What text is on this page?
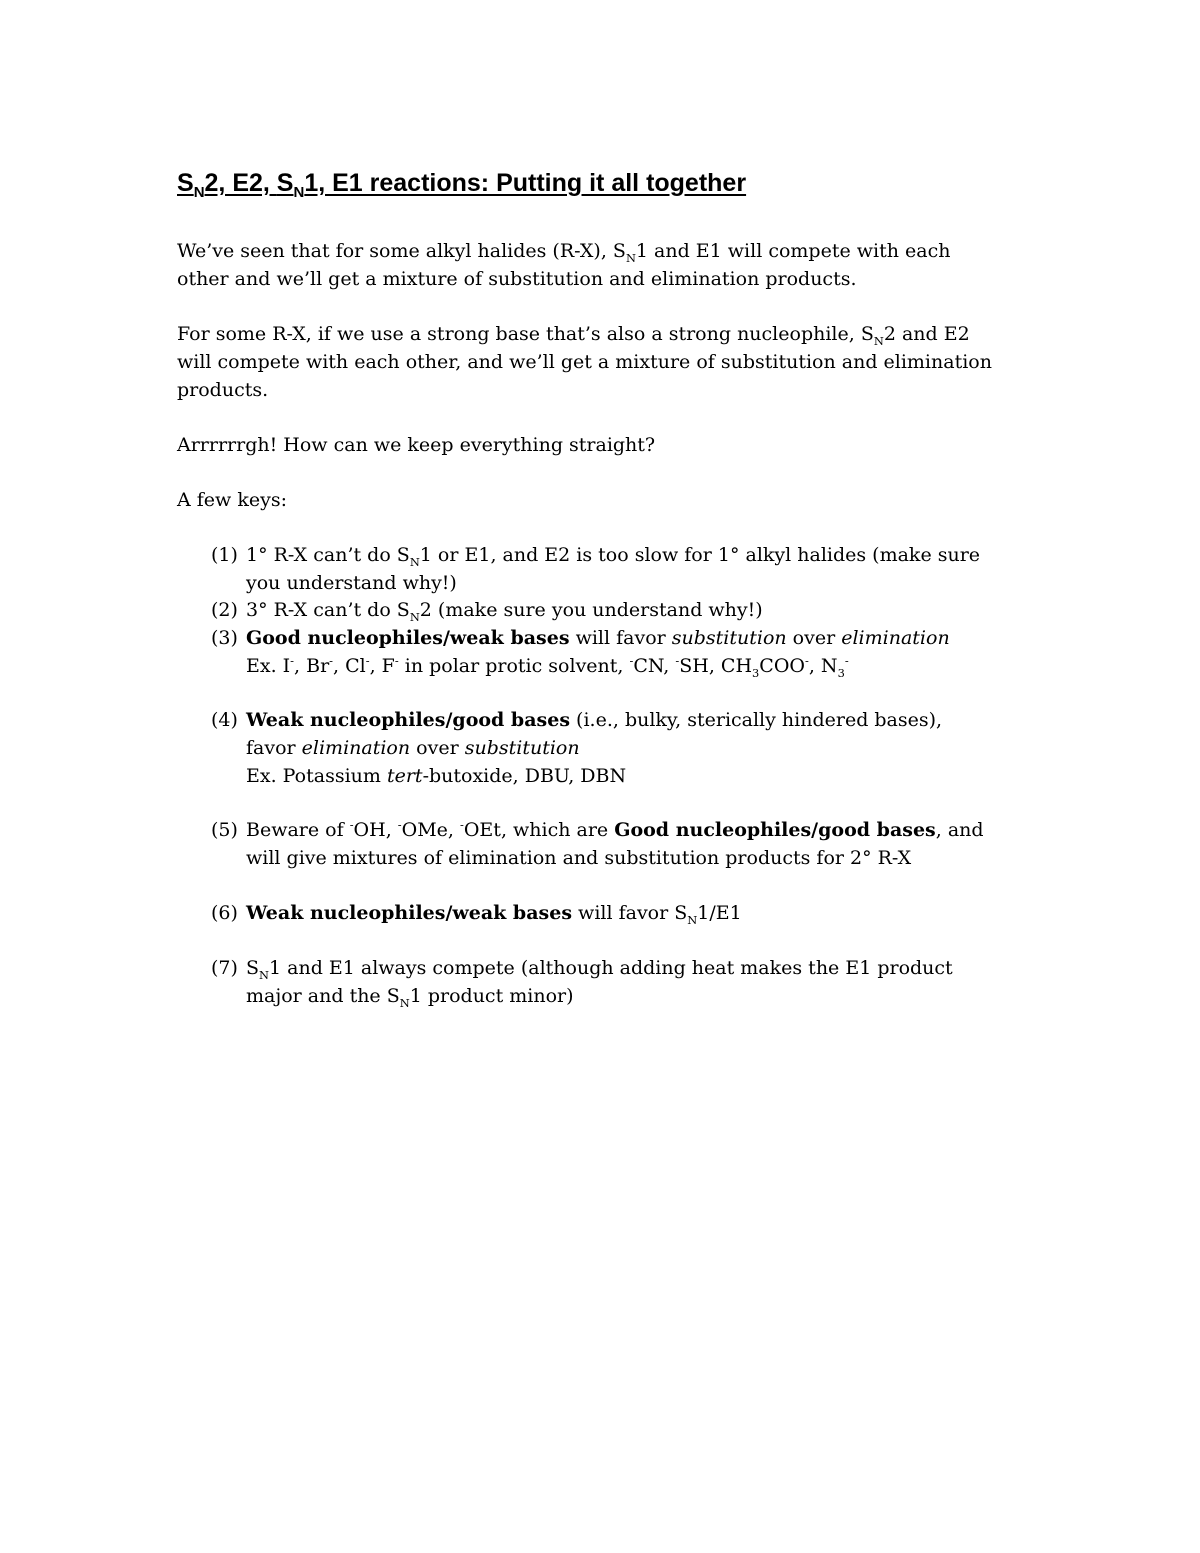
$S_N2$, E2, $S_N1$, E1 reactions: Putting it all together

We’ve seen that for some alkyl halides (R-X), $S_N1$ and E1 will compete with each
other and we’ll get a mixture of substitution and elimination products.

For some R-X, if we use a strong base that’s also a strong nucleophile, $S_N2$ and E2
will compete with each other, and we’ll get a mixture of substitution and elimination
products.

Arrrrrrgh! How can we keep everything straight?

A few keys:

(1) 1° R-X can’t do $S_N1$ or E1, and E2 is too slow for 1° alkyl halides (make sure
you understand why!)

(2) 3° R-X can’t do $S_N2$ (make sure you understand why!)

(3) Good nucleophiles/weak bases will favor substitution over elimination
Ex. I-, Br-, Cl-, F- in polar protic solvent, -CN, -SH, $CH_3COO^-$, $N_3^-$

(4) Weak nucleophiles/good bases (i.e., bulky, sterically hindered bases),
favor elimination over substitution
Ex. Potassium tert-butoxide, DBU, DBN

(5) Beware of -OH, -OMe, -OEt, which are Good nucleophiles/good bases, and
will give mixtures of elimination and substitution products for 2° R-X

(6) Weak nucleophiles/weak bases will favor $S_N1/E1$

(7) $S_N1$ and E1 always compete (although adding heat makes the E1 product
major and the $S_N1$ product minor)
